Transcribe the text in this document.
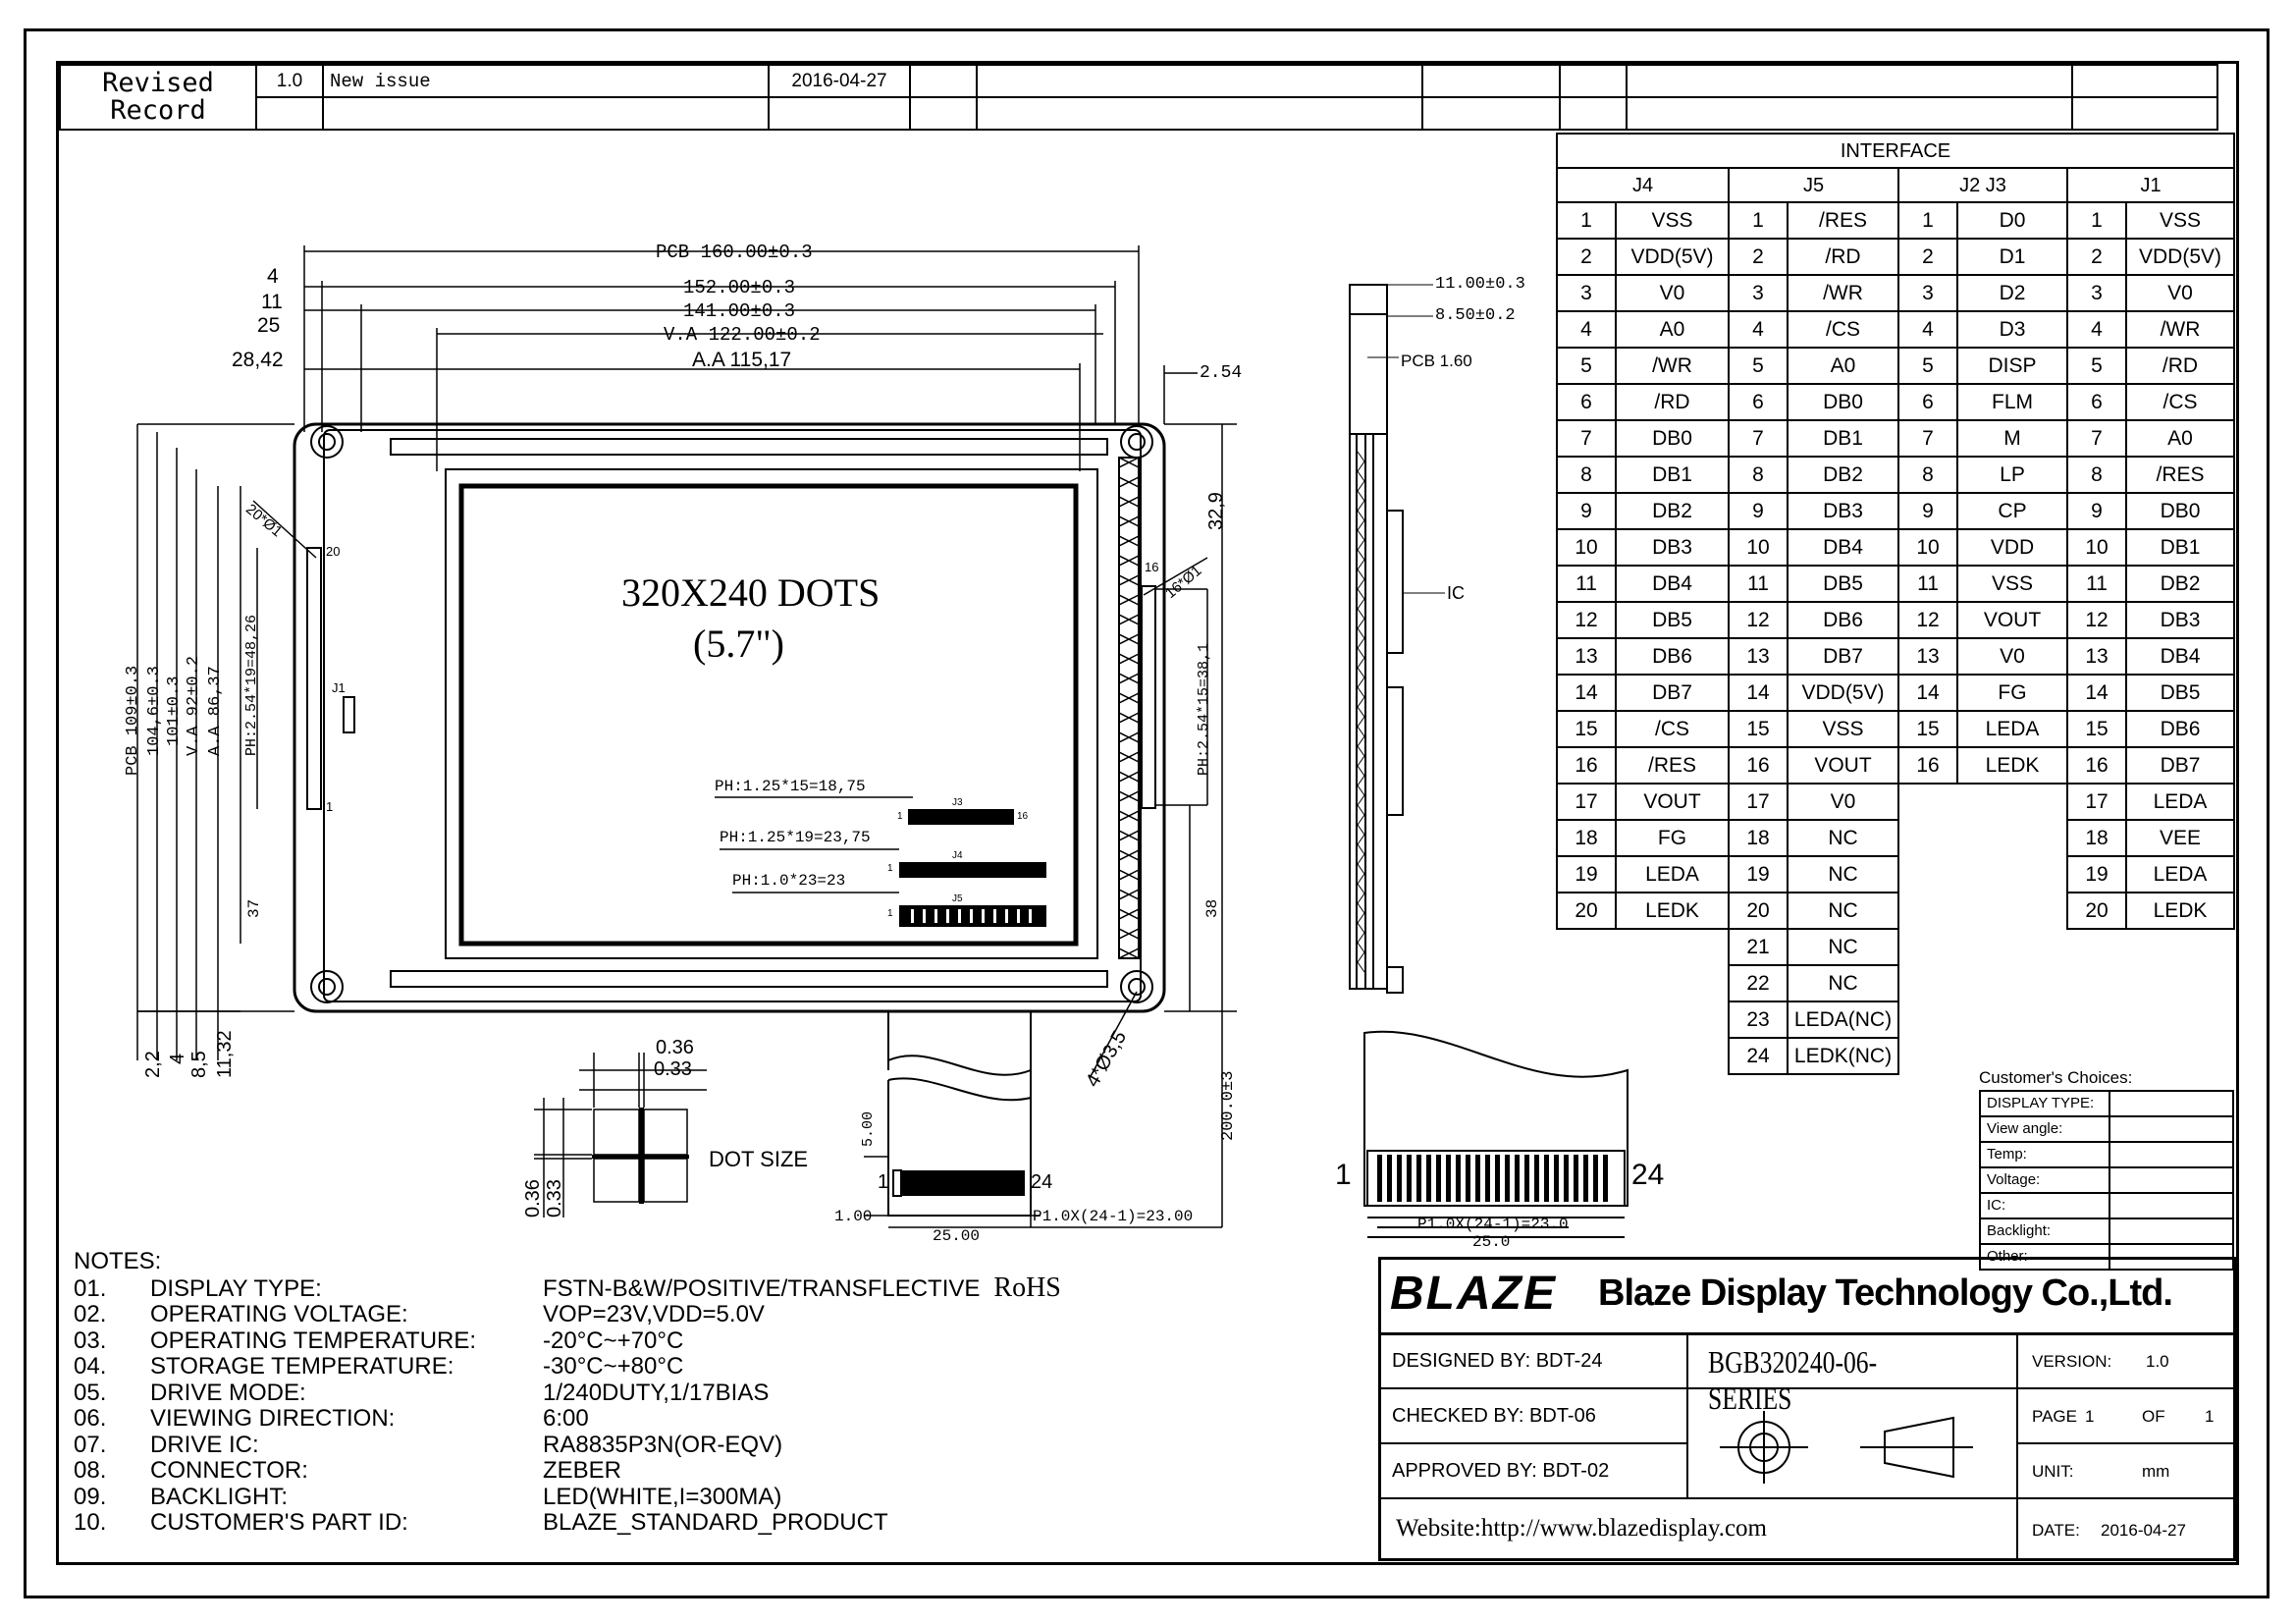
Revised
Record	1.0	New issue	2016-04-27						

PCB 160.00±0.3
152.00±0.3
141.00±0.3
V.A 122.00±0.2
A.A 115,17
4
11
25
28,42
2.54
32,9
PCB 109±0.3 104,6±0.3 101±0.3 V.A 92±0.2 A.A 86,37 PH:2.54*19=48,26
37
PH:2.54*15=38,1
38
200.0±3
2,2 4 8,5 11,32
20*Ø1
16*Ø1
4*Ø3,5
J1
20
1
16
320X240 DOTS
(5.7")
PH:1.25*15=18,75
PH:1.25*19=23,75
PH:1.0*23=23
J3
J4
J5
1	16
1	20
1	24
1	24
5.00
1.00	P1.0X(24-1)=23.00
25.00
0.36
0.33
0.36 0.33
DOT SIZE
11.00±0.3
8.50±0.2
PCB 1.60
IC
1	24
P1.0X(24-1)=23.0
25.0
INTERFACE
J4
1	VSS
2	VDD(5V)
3	V0
4	A0
5	/WR
6	/RD
7	DB0
8	DB1
9	DB2
10	DB3
11	DB4
12	DB5
13	DB6
14	DB7
15	/CS
16	/RES
17	VOUT
18	FG
19	LEDA
20	LEDK
J5
1	/RES
2	/RD
3	/WR
4	/CS
5	A0
6	DB0
7	DB1
8	DB2
9	DB3
10	DB4
11	DB5
12	DB6
13	DB7
14	VDD(5V)
15	VSS
16	VOUT
17	V0
18	NC
19	NC
20	NC
21	NC
22	NC
23	LEDA(NC)
24	LEDK(NC)
J2 J3
1	D0
2	D1
3	D2
4	D3
5	DISP
6	FLM
7	M
8	LP
9	CP
10	VDD
11	VSS
12	VOUT
13	V0
14	FG
15	LEDA
16	LEDK
J1
1	VSS
2	VDD(5V)
3	V0
4	/WR
5	/RD
6	/CS
7	A0
8	/RES
9	DB0
10	DB1
11	DB2
12	DB3
13	DB4
14	DB5
15	DB6
16	DB7
17	LEDA
18	VEE
19	LEDA
20	LEDK
Customer's Choices:
DISPLAY TYPE:
View angle:
Temp:
Voltage:
IC:
Backlight:
Other:
NOTES:
01. DISPLAY TYPE:	FSTN-B&W/POSITIVE/TRANSFLECTIVE RoHS
02. OPERATING VOLTAGE:	VOP=23V,VDD=5.0V
03. OPERATING TEMPERATURE:	-20°C~+70°C
04. STORAGE TEMPERATURE:	-30°C~+80°C
05. DRIVE MODE:	1/240DUTY,1/17BIAS
06. VIEWING DIRECTION:	6:00
07. DRIVE IC:	RA8835P3N(OR-EQV)
08. CONNECTOR:	ZEBER
09. BACKLIGHT:	LED(WHITE,I=300MA)
10. CUSTOMER'S PART ID:	BLAZE_STANDARD_PRODUCT
BLAZE Blaze Display Technology Co.,Ltd.
DESIGNED BY: BDT-24
CHECKED BY: BDT-06
APPROVED BY: BDT-02
BGB320240-06-SERIES
Website:http://www.blazedisplay.com
VERSION: 1.0
PAGE 1	OF 1
UNIT:	mm
DATE: 2016-04-27
